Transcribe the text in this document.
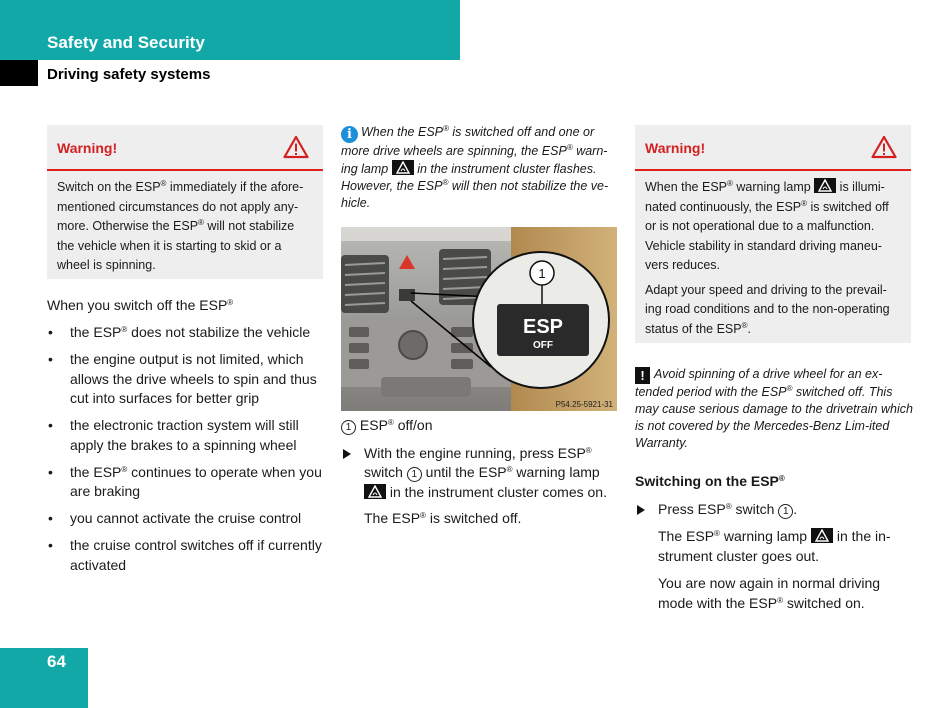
Safety and Security
Driving safety systems
Warning!

Switch on the ESP® immediately if the afore-mentioned circumstances do not apply any-more. Otherwise the ESP® will not stabilize the vehicle when it is starting to skid or a wheel is spinning.

When you switch off the ESP®

• the ESP® does not stabilize the vehicle
• the engine output is not limited, which allows the drive wheels to spin and thus cut into surfaces for better grip
• the electronic traction system will still apply the brakes to a spinning wheel
• the ESP® continues to operate when you are braking
• you cannot activate the cruise control
• the cruise control switches off if currently activated
i When the ESP® is switched off and one or more drive wheels are spinning, the ESP® warn-ing lamp
in the instrument cluster flashes. However, the ESP® will then not stabilize the ve-hicle.
ESP
OFF
1
P54.25-5921-31

1 ESP® off/on

With the engine running, press ESP® switch 1 until the ESP® warning lamp
in the instrument cluster comes on.

The ESP® is switched off.

Warning!

When the ESP® warning lamp
is illumi-nated continuously, the ESP® is switched off or is not operational due to a malfunction. Vehicle stability in standard driving maneu-vers reduces.

Adapt your speed and driving to the prevail-ing road conditions and to the non-operating status of the ESP®.

! Avoid spinning of a drive wheel for an ex-tended period with the ESP® switched off. This may cause serious damage to the drivetrain which is not covered by the Mercedes-Benz Lim-ited Warranty.

Switching on the ESP®

Press ESP® switch 1 .

The ESP® warning lamp
in the in-strument cluster goes out.

You are now again in normal driving mode with the ESP® switched on.

64
